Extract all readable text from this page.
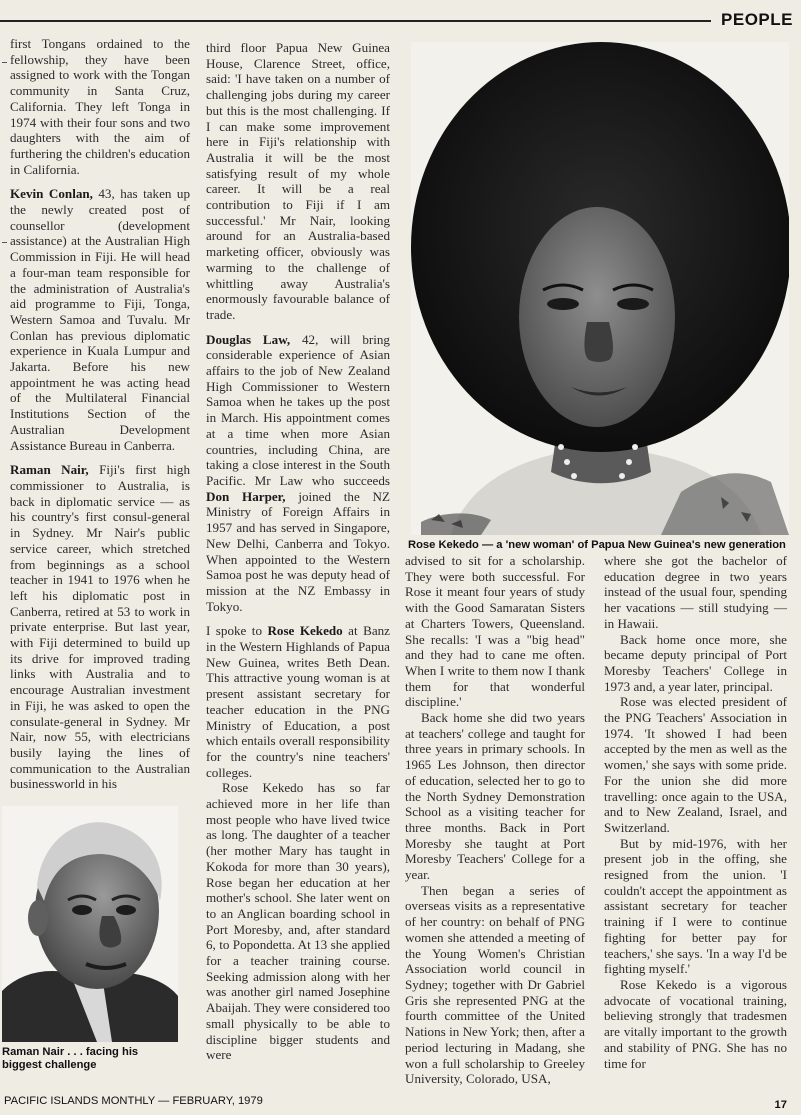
PEOPLE

first Tongans ordained to the fellowship, they have been assigned to work with the Tongan community in Santa Cruz, California. They left Tonga in 1974 with their four sons and two daughters with the aim of furthering the children's education in California.

Kevin Conlan, 43, has taken up the newly created post of counsellor (development assistance) at the Australian High Commission in Fiji. He will head a four-man team responsible for the administration of Australia's aid programme to Fiji, Tonga, Western Samoa and Tuvalu. Mr Conlan has previous diplomatic experience in Kuala Lumpur and Jakarta. Before his new appointment he was acting head of the Multilateral Financial Institutions Section of the Australian Development Assistance Bureau in Canberra.

Raman Nair, Fiji's first high commissioner to Australia, is back in diplomatic service — as his country's first consul-general in Sydney. Mr Nair's public service career, which stretched from beginnings as a school teacher in 1941 to 1976 when he left his diplomatic post in Canberra, retired at 53 to work in private enterprise. But last year, with Fiji determined to build up its drive for improved trading links with Australia and to encourage Australian investment in Fiji, he was asked to open the consulate-general in Sydney. Mr Nair, now 55, with electricians busily laying the lines of communication to the Australian businessworld in his

third floor Papua New Guinea House, Clarence Street, office, said: 'I have taken on a number of challenging jobs during my career but this is the most challenging. If I can make some improvement here in Fiji's relationship with Australia it will be the most satisfying result of my whole career. It will be a real contribution to Fiji if I am successful.' Mr Nair, looking around for an Australia-based marketing officer, obviously was warming to the challenge of whittling away Australia's enormously favourable balance of trade.

Douglas Law, 42, will bring considerable experience of Asian affairs to the job of New Zealand High Commissioner to Western Samoa when he takes up the post in March. His appointment comes at a time when more Asian countries, including China, are taking a close interest in the South Pacific. Mr Law who succeeds Don Harper, joined the NZ Ministry of Foreign Affairs in 1957 and has served in Singapore, New Delhi, Canberra and Tokyo. When appointed to the Western Samoa post he was deputy head of mission at the NZ Embassy in Tokyo.

I spoke to Rose Kekedo at Banz in the Western Highlands of Papua New Guinea, writes Beth Dean. This attractive young woman is at present assistant secretary for teacher education in the PNG Ministry of Education, a post which entails overall responsibility for the country's nine teachers' colleges.

Rose Kekedo has so far achieved more in her life than most people who have lived twice as long. The daughter of a teacher (her mother Mary has taught in Kokoda for more than 30 years), Rose began her education at her mother's school. She later went on to an Anglican boarding school in Port Moresby, and, after standard 6, to Popondetta. At 13 she applied for a teacher training course. Seeking admission along with her was another girl named Josephine Abaijah. They were considered too small physically to be able to discipline bigger students and were

Rose Kekedo — a 'new woman' of Papua New Guinea's new generation

advised to sit for a scholarship. They were both successful. For Rose it meant four years of study with the Good Samaratan Sisters at Charters Towers, Queensland. She recalls: 'I was a "big head" and they had to cane me often. When I write to them now I thank them for that wonderful discipline.'

Back home she did two years at teachers' college and taught for three years in primary schools. In 1965 Les Johnson, then director of education, selected her to go to the North Sydney Demonstration School as a visiting teacher for three months. Back in Port Moresby she taught at Port Moresby Teachers' College for a year.

Then began a series of overseas visits as a representative of her country: on behalf of PNG women she attended a meeting of the Young Women's Christian Association world council in Sydney; together with Dr Gabriel Gris she represented PNG at the fourth committee of the United Nations in New York; then, after a period lecturing in Madang, she won a full scholarship to Greeley University, Colorado, USA,

where she got the bachelor of education degree in two years instead of the usual four, spending her vacations — still studying — in Hawaii.

Back home once more, she became deputy principal of Port Moresby Teachers' College in 1973 and, a year later, principal.

Rose was elected president of the PNG Teachers' Association in 1974. 'It showed I had been accepted by the men as well as the women,' she says with some pride. For the union she did more travelling: once again to the USA, and to New Zealand, Israel, and Switzerland.

But by mid-1976, with her present job in the offing, she resigned from the union. 'I couldn't accept the appointment as assistant secretary for teacher training if I were to continue fighting for better pay for teachers,' she says. 'In a way I'd be fighting myself.'

Rose Kekedo is a vigorous advocate of vocational training, believing strongly that tradesmen are vitally important to the growth and stability of PNG. She has no time for

Raman Nair . . . facing his biggest challenge
PACIFIC ISLANDS MONTHLY — FEBRUARY, 1979	17
